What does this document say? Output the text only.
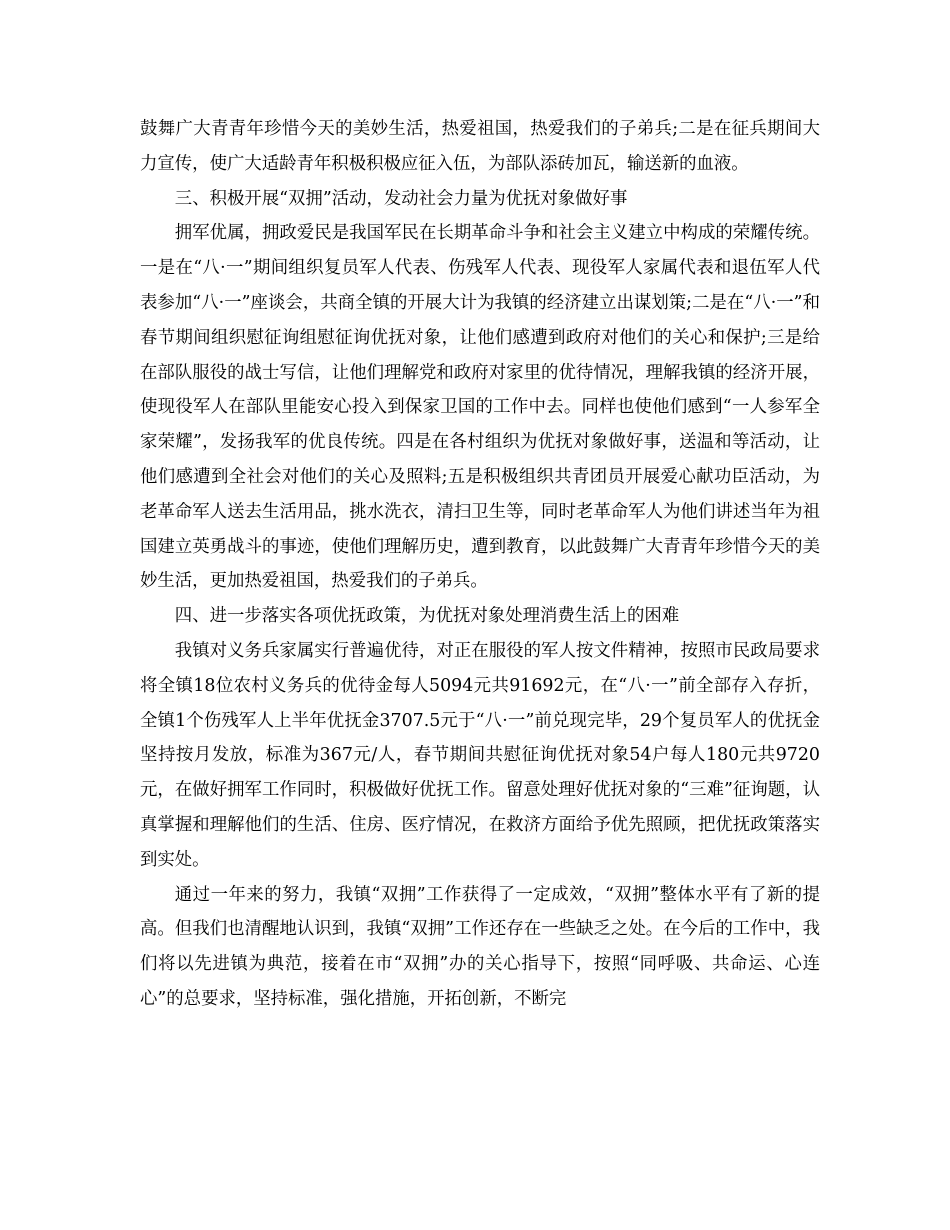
鼓舞广大青青年珍惜今天的美妙生活，热爱祖国，热爱我们的子弟兵;二是在征兵期间大力宣传，使广大适龄青年积极积极应征入伍，为部队添砖加瓦，输送新的血液。

三、积极开展“双拥”活动，发动社会力量为优抚对象做好事

拥军优属，拥政爱民是我国军民在长期革命斗争和社会主义建立中构成的荣耀传统。一是在“八·一”期间组织复员军人代表、伤残军人代表、现役军人家属代表和退伍军人代表参加“八·一”座谈会，共商全镇的开展大计为我镇的经济建立出谋划策;二是在“八·一”和春节期间组织慰征询组慰征询优抚对象，让他们感遭到政府对他们的关心和保护;三是给在部队服役的战士写信，让他们理解党和政府对家里的优待情况，理解我镇的经济开展，使现役军人在部队里能安心投入到保家卫国的工作中去。同样也使他们感到“一人参军全家荣耀”，发扬我军的优良传统。四是在各村组织为优抚对象做好事，送温和等活动，让他们感遭到全社会对他们的关心及照料;五是积极组织共青团员开展爱心献功臣活动，为老革命军人送去生活用品，挑水洗衣，清扫卫生等，同时老革命军人为他们讲述当年为祖国建立英勇战斗的事迹，使他们理解历史，遭到教育，以此鼓舞广大青青年珍惜今天的美妙生活，更加热爱祖国，热爱我们的子弟兵。

四、进一步落实各项优抚政策，为优抚对象处理消费生活上的困难

我镇对义务兵家属实行普遍优待，对正在服役的军人按文件精神，按照市民政局要求将全镇18位农村义务兵的优待金每人5094元共91692元，在“八·一”前全部存入存折，全镇1个伤残军人上半年优抚金3707.5元于“八·一”前兑现完毕，29个复员军人的优抚金坚持按月发放，标准为367元/人，春节期间共慰征询优抚对象54户每人180元共9720元，在做好拥军工作同时，积极做好优抚工作。留意处理好优抚对象的“三难”征询题，认真掌握和理解他们的生活、住房、医疗情况，在救济方面给予优先照顾，把优抚政策落实到实处。

通过一年来的努力，我镇“双拥”工作获得了一定成效，“双拥”整体水平有了新的提高。但我们也清醒地认识到，我镇“双拥”工作还存在一些缺乏之处。在今后的工作中，我们将以先进镇为典范，接着在市“双拥”办的关心指导下，按照“同呼吸、共命运、心连心”的总要求，坚持标准，强化措施，开拓创新，不断完
